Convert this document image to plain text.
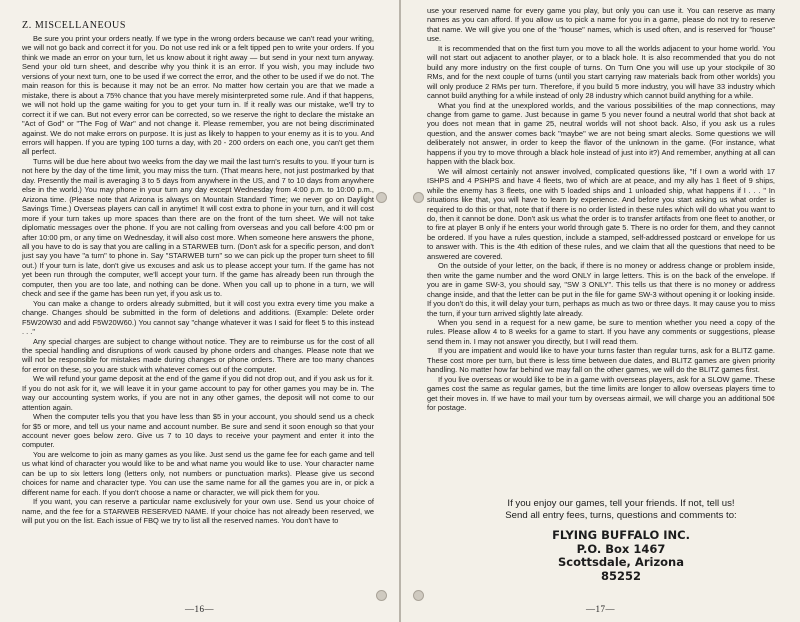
Z. MISCELLANEOUS

Be sure you print your orders neatly. If we type in the wrong orders because we can't read your writing, we will not go back and correct it for you. Do not use red ink or a felt tipped pen to write your orders. If you think we made an error on your turn, let us know about it right away — but send in your next turn anyway. Send your old turn sheet, and describe why you think it is an error. If you wish, you may include two versions of your next turn, one to be used if we correct the error, and the other to be used if we do not. The main reason for this is because it may not be an error. No matter how certain you are that we made a mistake, there is about a 75% chance that you have merely misinterpreted some rule. And if that happens, we will not hold up the game waiting for you to get your turn in. If it really was our mistake, we'll try to correct it if we can. But not every error can be corrected, so we reserve the right to declare the mistake an "Act of God" or "The Fog of War" and not change it. Please remember, you are not being discriminated against. We do not make errors on purpose. It is just as likely to happen to your enemy as it is to you. And errors will happen. If you are typing 100 turns a day, with 20 - 200 orders on each one, you can't get them all perfect.

Turns will be due here about two weeks from the day we mail the last turn's results to you. If your turn is not here by the day of the time limit, you may miss the turn. (That means here, not just postmarked by that day. Presently the mail is averaging 3 to 5 days from anywhere in the US, and 7 to 10 days from anywhere else in the world.) You may phone in your turn any day except Wednesday from 4:00 p.m. to 10:00 p.m., Arizona time. (Please note that Arizona is always on Mountain Standard Time; we never go on Daylight Savings Time.) Overseas players can call in anytime! It will cost extra to phone in your turn, and it will cost more if your turn takes up more spaces than there are on the front of the turn sheet. We will not take diplomatic messages over the phone. If you are not calling from overseas and you call before 4:00 pm or after 10:00 pm, or any time on Wednesday, it will also cost more. When someone here answers the phone, all you have to do is say that you are calling in a STARWEB turn. (Don't ask for a specific person, and don't just say you have "a turn" to phone in. Say "STARWEB turn" so we can pick up the proper turn sheet to fill out.) If your turn is late, don't give us excuses and ask us to please accept your turn. If the game has not yet been run through the computer, we'll accept your turn. If the game has already been run through the computer, then you are too late, and nothing can be done. When you call up to phone in a turn, we will check and see if the game has been run yet, if you ask us to.

You can make a change to orders already submitted, but it will cost you extra every time you make a change. Changes should be submitted in the form of deletions and additions. (Example: Delete order F5W20W30 and add F5W20W60.) You cannot say "change whatever it was I said for fleet 5 to this instead . . ."

Any special charges are subject to change without notice. They are to reimburse us for the cost of all the special handling and disruptions of work caused by phone orders and changes. Please note that we will not be responsible for mistakes made during changes or phone orders. There are too many chances for error on these, so you are stuck with whatever comes out of the computer.

We will refund your game deposit at the end of the game if you did not drop out, and if you ask us for it. If you do not ask for it, we will leave it in your game account to pay for other games you may be in. The way our accounting system works, if you are not in any other games, the deposit will not come to our attention again.

When the computer tells you that you have less than $5 in your account, you should send us a check for $5 or more, and tell us your name and account number. Be sure and send it soon enough so that your account never goes below zero. Give us 7 to 10 days to receive your payment and enter it into the computer.

You are welcome to join as many games as you like. Just send us the game fee for each game and tell us what kind of character you would like to be and what name you would like to use. Your character name can be up to six letters long (letters only, not numbers or punctuation marks). Please give us second choices for name and character type. You can use the same name for all the games you are in, or pick a different name for each. If you don't choose a name or character, we will pick them for you.

If you want, you can reserve a particular name exclusively for your own use. Send us your choice of name, and the fee for a STARWEB RESERVED NAME. If your choice has not already been reserved, we will put you on the list. Each issue of FBQ we try to list all the reserved names. You don't have to

—16—

use your reserved name for every game you play, but only you can use it. You can reserve as many names as you can afford. If you allow us to pick a name for you in a game, please do not try to reserve that name. We will give you one of the "house" names, which is used often, and is reserved for "house" use.

It is recommended that on the first turn you move to all the worlds adjacent to your home world. You will not start out adjacent to another player, or to a black hole. It is also recommended that you do not build any more industry on the first couple of turns. On Turn One you will use up your stockpile of 30 RMs, and for the next couple of turns (until you start carrying raw materials back from other worlds) you will only produce 2 RMs per turn. Therefore, if you build 5 more industry, you will have 33 industry which cannot build anything for a while instead of only 28 industry which cannot build anything for a while.

What you find at the unexplored worlds, and the various possibilities of the map connections, may change from game to game. Just because in game 5 you never found a neutral world that shot back at you does not mean that in game 25, neutral worlds will not shoot back. Also, if you ask us a rules question, and the answer comes back "maybe" we are not being smart alecks. Some questions we will deliberately not answer, in order to keep the flavor of the unknown in the game. (For instance, what happens if you try to move through a black hole instead of just into it?) And remember, anything at all can happen with the black box.

We will almost certainly not answer involved, complicated questions like, "If I own a world with 17 ISHPS and 4 PSHPS and have 4 fleets, two of which are at peace, and my ally has 1 fleet of 9 ships, while the enemy has 3 fleets, one with 5 loaded ships and 1 unloaded ship, what happens if I . . . " In situations like that, you will have to learn by experience. And before you start asking us what order is required to do this or that, note that if there is no order listed in these rules which will do what you want to do, then it cannot be done. Don't ask us what the order is to transfer artifacts from one fleet to another, or to fire at player B only if he enters your world through gate 5. There is no order for them, and they cannot be ordered. If you have a rules question, include a stamped, self-addressed postcard or envelope for us to answer with. This is the 4th edition of these rules, and we claim that all the questions that need to be answered are covered.

On the outside of your letter, on the back, if there is no money or address change or problem inside, then write the game number and the word ONLY in large letters. This is on the back of the envelope. If you are in game SW-3, you should say, "SW 3 ONLY". This tells us that there is no money or address change inside, and that the letter can be put in the file for game SW-3 without opening it or looking inside. If you don't do this, it will delay your turn, perhaps as much as two or three days. It may cause you to miss the turn, if your turn arrived slightly late already.

When you send in a request for a new game, be sure to mention whether you need a copy of the rules. Please allow 4 to 8 weeks for a game to start. If you have any comments or suggestions, please send them in. I may not answer you directly, but I will read them.

If you are impatient and would like to have your turns faster than regular turns, ask for a BLITZ game. These cost more per turn, but there is less time between due dates, and BLITZ games are given priority handling. No matter how far behind we may fall on the other games, we will do the BLITZ games first.

If you live overseas or would like to be in a game with overseas players, ask for a SLOW game. These games cost the same as regular games, but the time limits are longer to allow overseas players time to get their moves in. If we have to mail your turn by overseas airmail, we will charge you an additional 50¢ for postage.

If you enjoy our games, tell your friends. If not, tell us!
Send all entry fees, turns, questions and comments to:
FLYING BUFFALO INC.
P.O. Box 1467
Scottsdale, Arizona
85252
—17—
